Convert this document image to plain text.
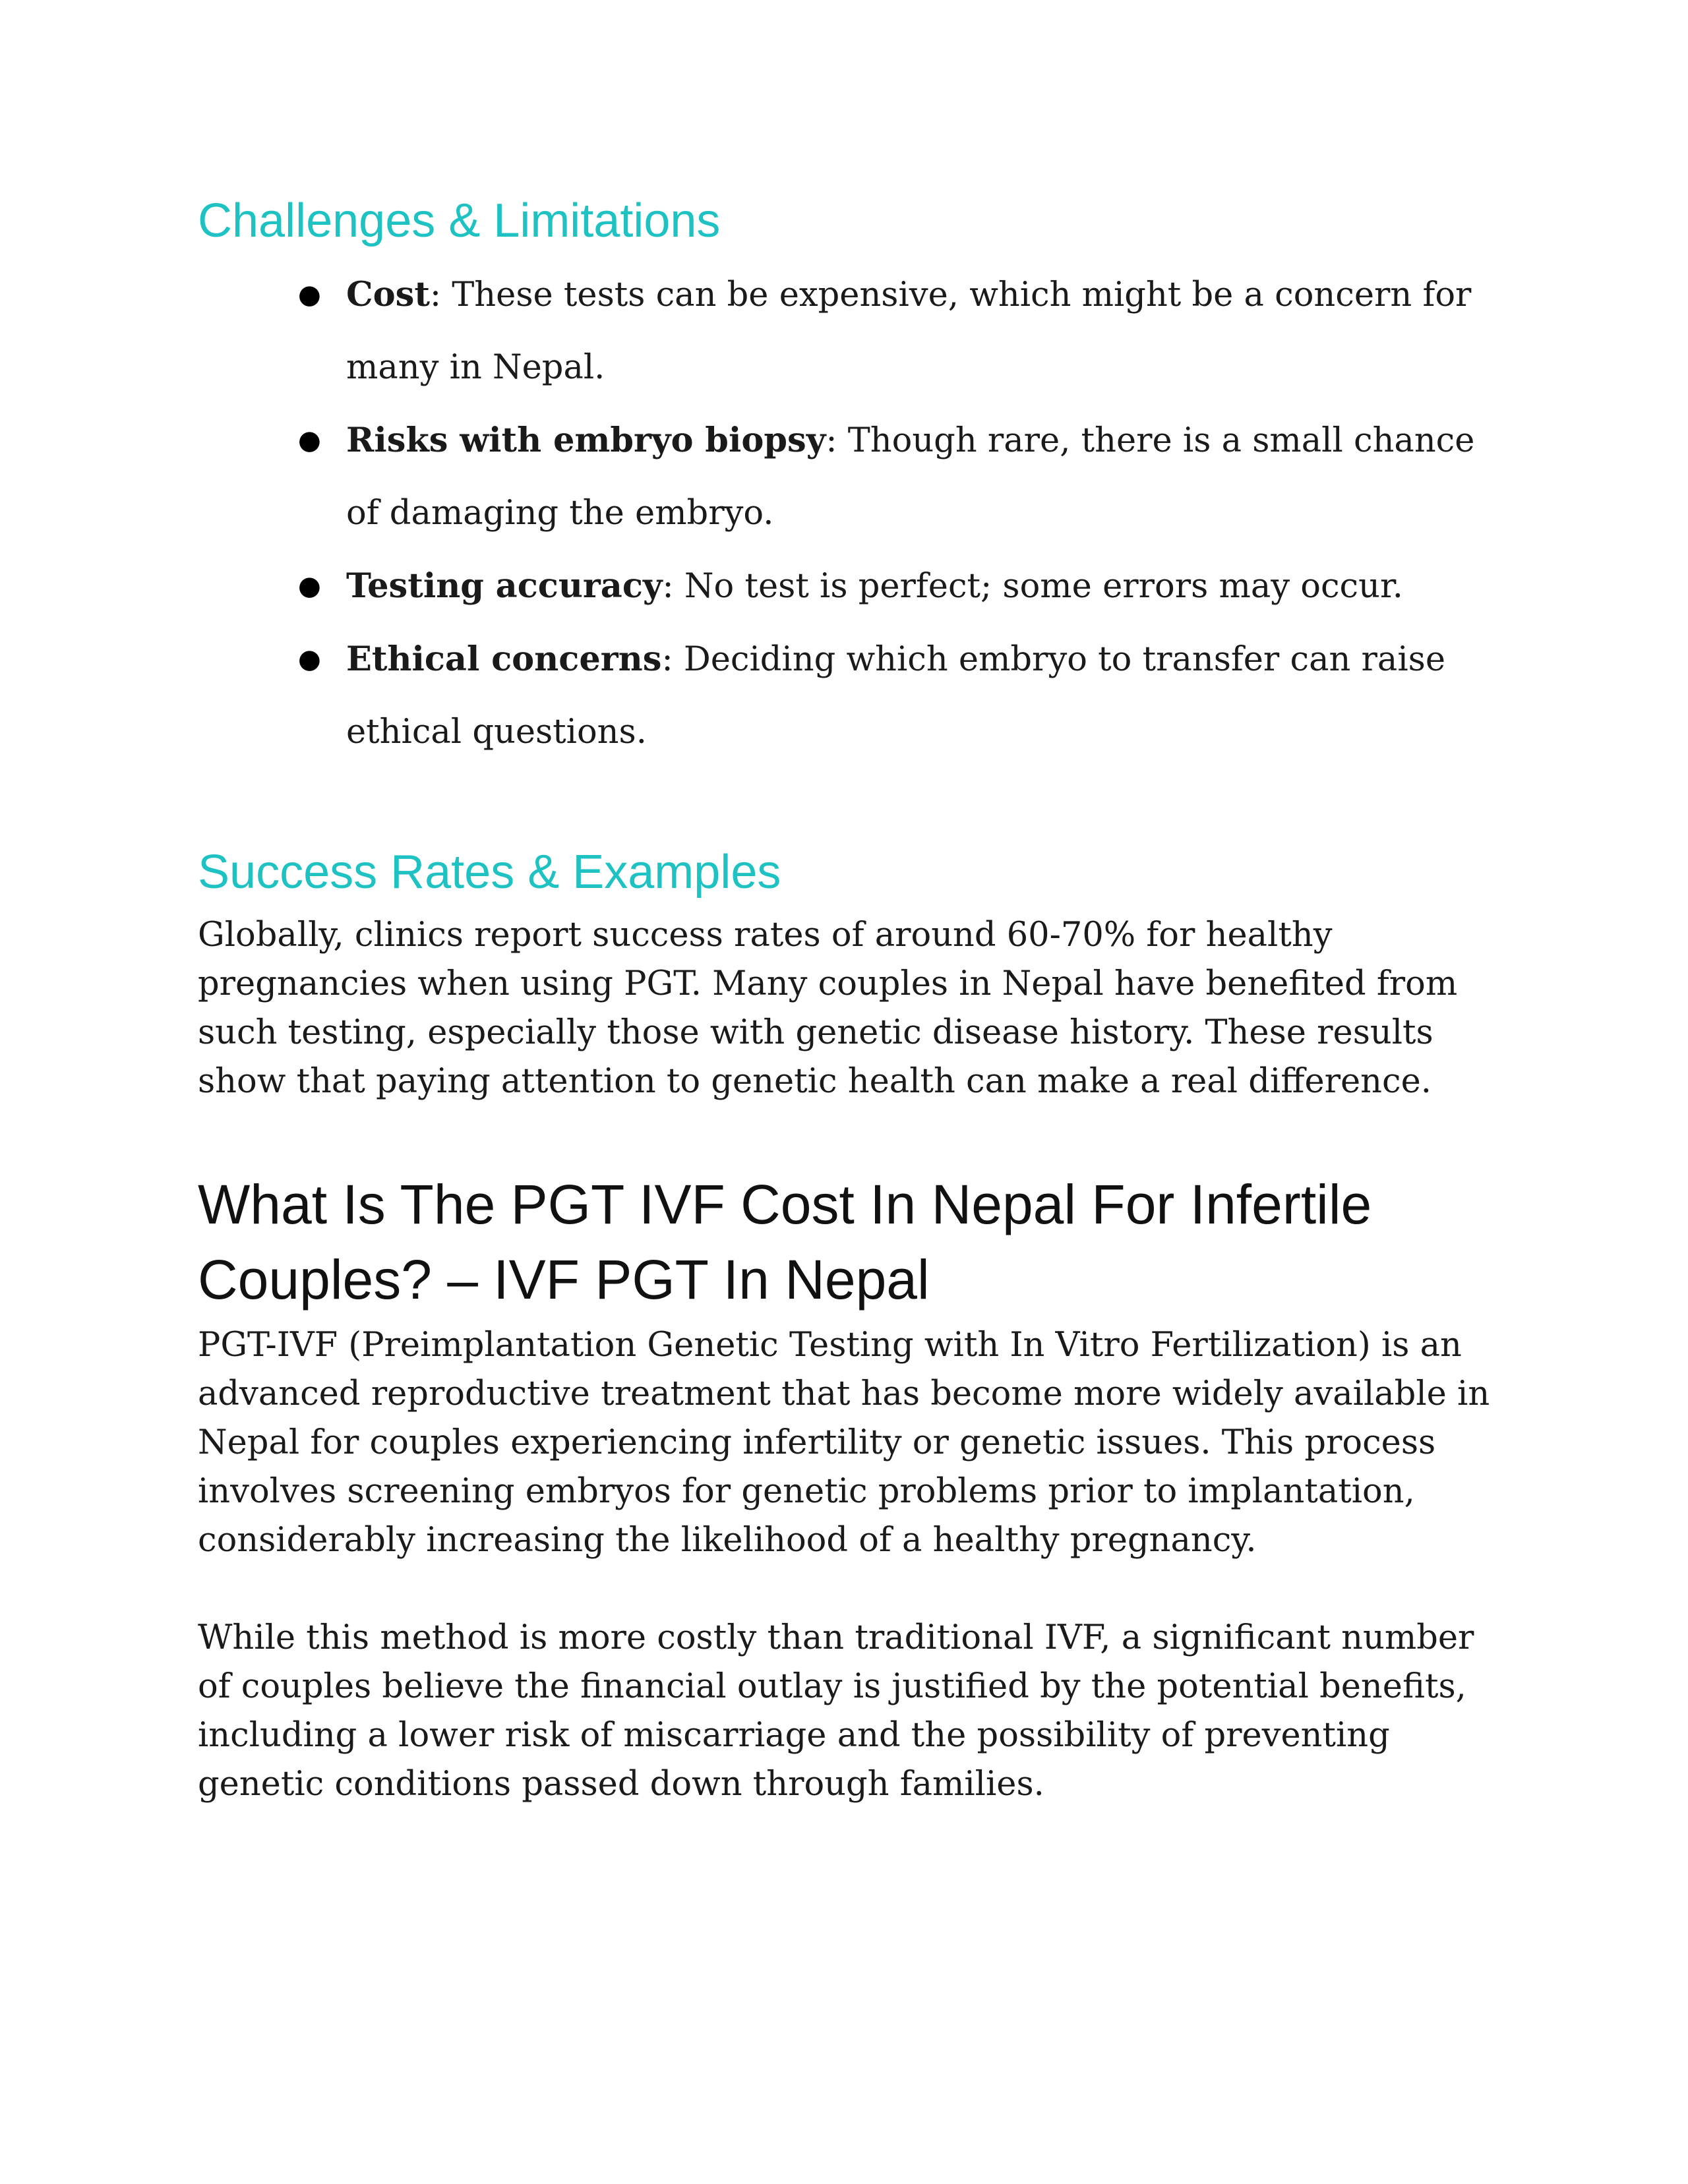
Challenges & Limitations
● Cost: These tests can be expensive, which might be a concern for many in Nepal.
● Risks with embryo biopsy: Though rare, there is a small chance of damaging the embryo.
● Testing accuracy: No test is perfect; some errors may occur.
● Ethical concerns: Deciding which embryo to transfer can raise ethical questions.
Success Rates & Examples

Globally, clinics report success rates of around 60-70% for healthy pregnancies when using PGT. Many couples in Nepal have benefited from such testing, especially those with genetic disease history. These results show that paying attention to genetic health can make a real difference.

What Is The PGT IVF Cost In Nepal For Infertile Couples? – IVF PGT In Nepal

PGT-IVF (Preimplantation Genetic Testing with In Vitro Fertilization) is an advanced reproductive treatment that has become more widely available in Nepal for couples experiencing infertility or genetic issues. This process involves screening embryos for genetic problems prior to implantation, considerably increasing the likelihood of a healthy pregnancy.

While this method is more costly than traditional IVF, a significant number of couples believe the financial outlay is justified by the potential benefits, including a lower risk of miscarriage and the possibility of preventing genetic conditions passed down through families.
